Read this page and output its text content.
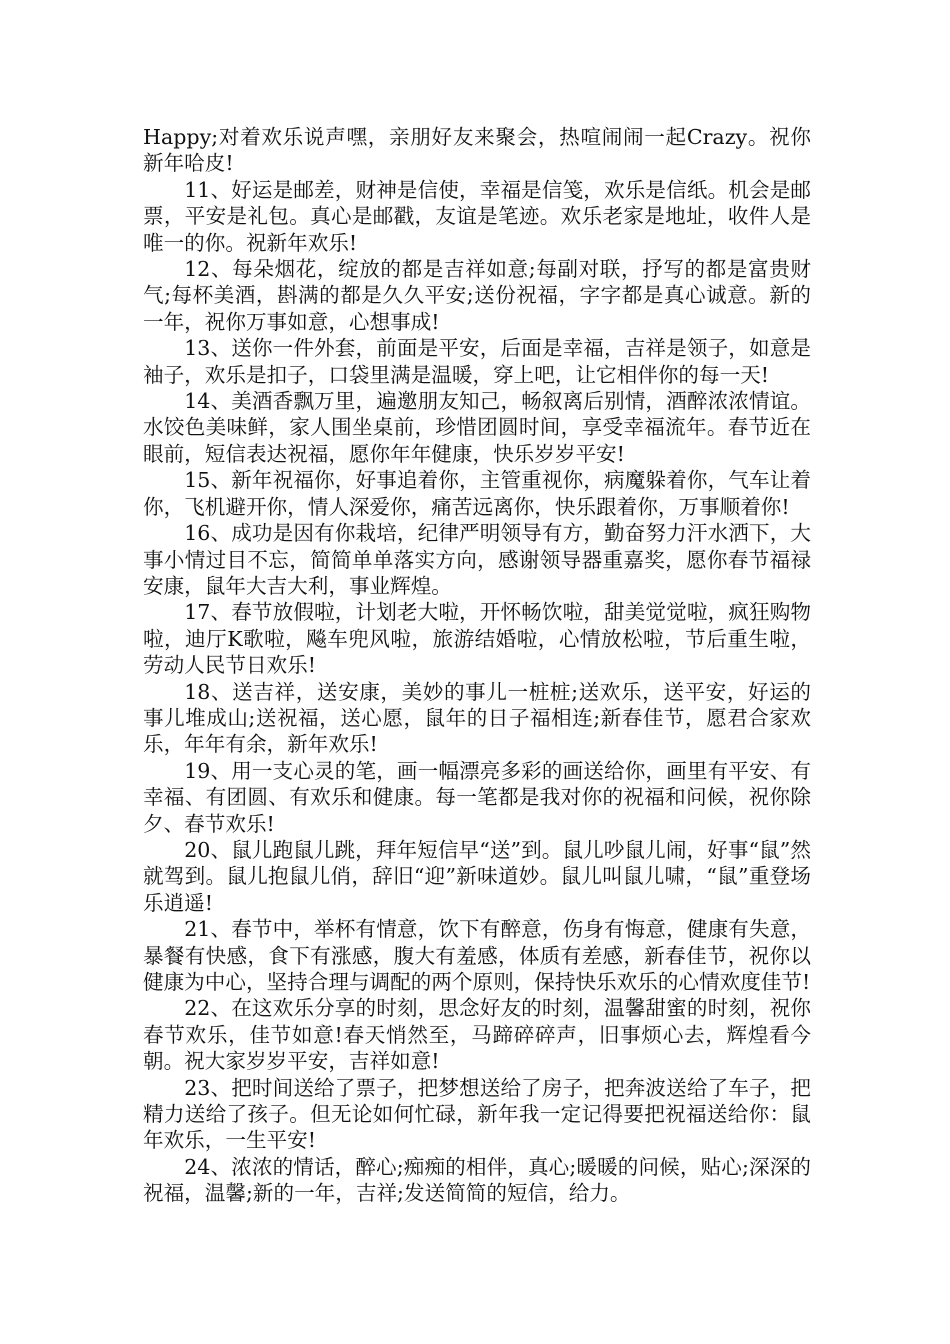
Happy;对着欢乐说声嘿，亲朋好友来聚会，热喧闹闹一起Crazy。祝你新年哈皮!

11、好运是邮差，财神是信使，幸福是信笺，欢乐是信纸。机会是邮票，平安是礼包。真心是邮戳，友谊是笔迹。欢乐老家是地址，收件人是唯一的你。祝新年欢乐!

12、每朵烟花，绽放的都是吉祥如意;每副对联，抒写的都是富贵财气;每杯美酒，斟满的都是久久平安;送份祝福，字字都是真心诚意。新的一年，祝你万事如意，心想事成!

13、送你一件外套，前面是平安，后面是幸福，吉祥是领子，如意是袖子，欢乐是扣子，口袋里满是温暖，穿上吧，让它相伴你的每一天!

14、美酒香飘万里，遍邀朋友知己，畅叙离后别情，酒醉浓浓情谊。水饺色美味鲜，家人围坐桌前，珍惜团圆时间，享受幸福流年。春节近在眼前，短信表达祝福，愿你年年健康，快乐岁岁平安!

15、新年祝福你，好事追着你，主管重视你，病魔躲着你，气车让着你，飞机避开你，情人深爱你，痛苦远离你，快乐跟着你，万事顺着你!

16、成功是因有你栽培，纪律严明领导有方，勤奋努力汗水洒下，大事小情过目不忘，简简单单落实方向，感谢领导器重嘉奖，愿你春节福禄安康，鼠年大吉大利，事业辉煌。

17、春节放假啦，计划老大啦，开怀畅饮啦，甜美觉觉啦，疯狂购物啦，迪厅K歌啦，飚车兜风啦，旅游结婚啦，心情放松啦，节后重生啦，劳动人民节日欢乐!

18、送吉祥，送安康，美妙的事儿一桩桩;送欢乐，送平安，好运的事儿堆成山;送祝福，送心愿，鼠年的日子福相连;新春佳节，愿君合家欢乐，年年有余，新年欢乐!

19、用一支心灵的笔，画一幅漂亮多彩的画送给你，画里有平安、有幸福、有团圆、有欢乐和健康。每一笔都是我对你的祝福和问候，祝你除夕、春节欢乐!

20、鼠儿跑鼠儿跳，拜年短信早“送”到。鼠儿吵鼠儿闹，好事“鼠”然就驾到。鼠儿抱鼠儿俏，辞旧“迎”新味道妙。鼠儿叫鼠儿啸，“鼠”重登场乐逍遥!

21、春节中，举杯有情意，饮下有醉意，伤身有悔意，健康有失意，暴餐有快感，食下有涨感，腹大有羞感，体质有差感，新春佳节，祝你以健康为中心，坚持合理与调配的两个原则，保持快乐欢乐的心情欢度佳节!

22、在这欢乐分享的时刻，思念好友的时刻，温馨甜蜜的时刻，祝你春节欢乐，佳节如意!春天悄然至，马蹄碎碎声，旧事烦心去，辉煌看今朝。祝大家岁岁平安，吉祥如意!

23、把时间送给了票子，把梦想送给了房子，把奔波送给了车子，把精力送给了孩子。但无论如何忙碌，新年我一定记得要把祝福送给你：鼠年欢乐，一生平安!

24、浓浓的情话，醉心;痴痴的相伴，真心;暖暖的问候，贴心;深深的祝福，温馨;新的一年，吉祥;发送简简的短信，给力。
